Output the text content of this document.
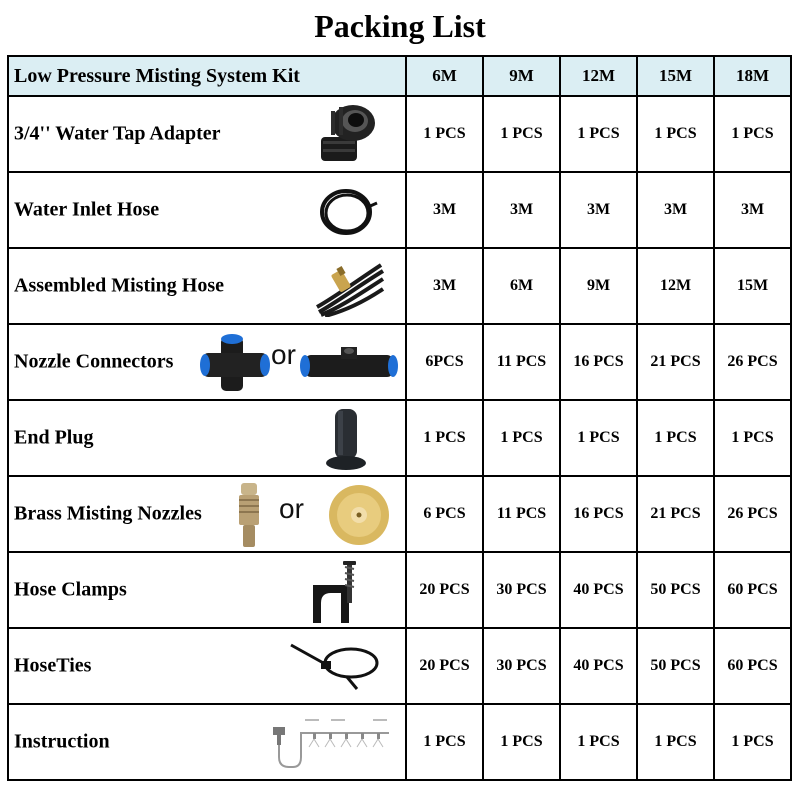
Packing List
Low Pressure Misting System Kit	6M	9M	12M	15M	18M

3/4'' Water Tap Adapter	1 PCS	1 PCS	1 PCS	1 PCS	1 PCS

Water Inlet Hose	3M	3M	3M	3M	3M

Assembled Misting Hose	3M	6M	9M	12M	15M

Nozzle Connectors or	6PCS	11 PCS	16 PCS	21 PCS	26 PCS

End Plug	1 PCS	1 PCS	1 PCS	1 PCS	1 PCS

Brass Misting Nozzles or	6 PCS	11 PCS	16 PCS	21 PCS	26 PCS

Hose Clamps	20 PCS	30 PCS	40 PCS	50 PCS	60 PCS

HoseTies	20 PCS	30 PCS	40 PCS	50 PCS	60 PCS

Instruction	1 PCS	1 PCS	1 PCS	1 PCS	1 PCS
